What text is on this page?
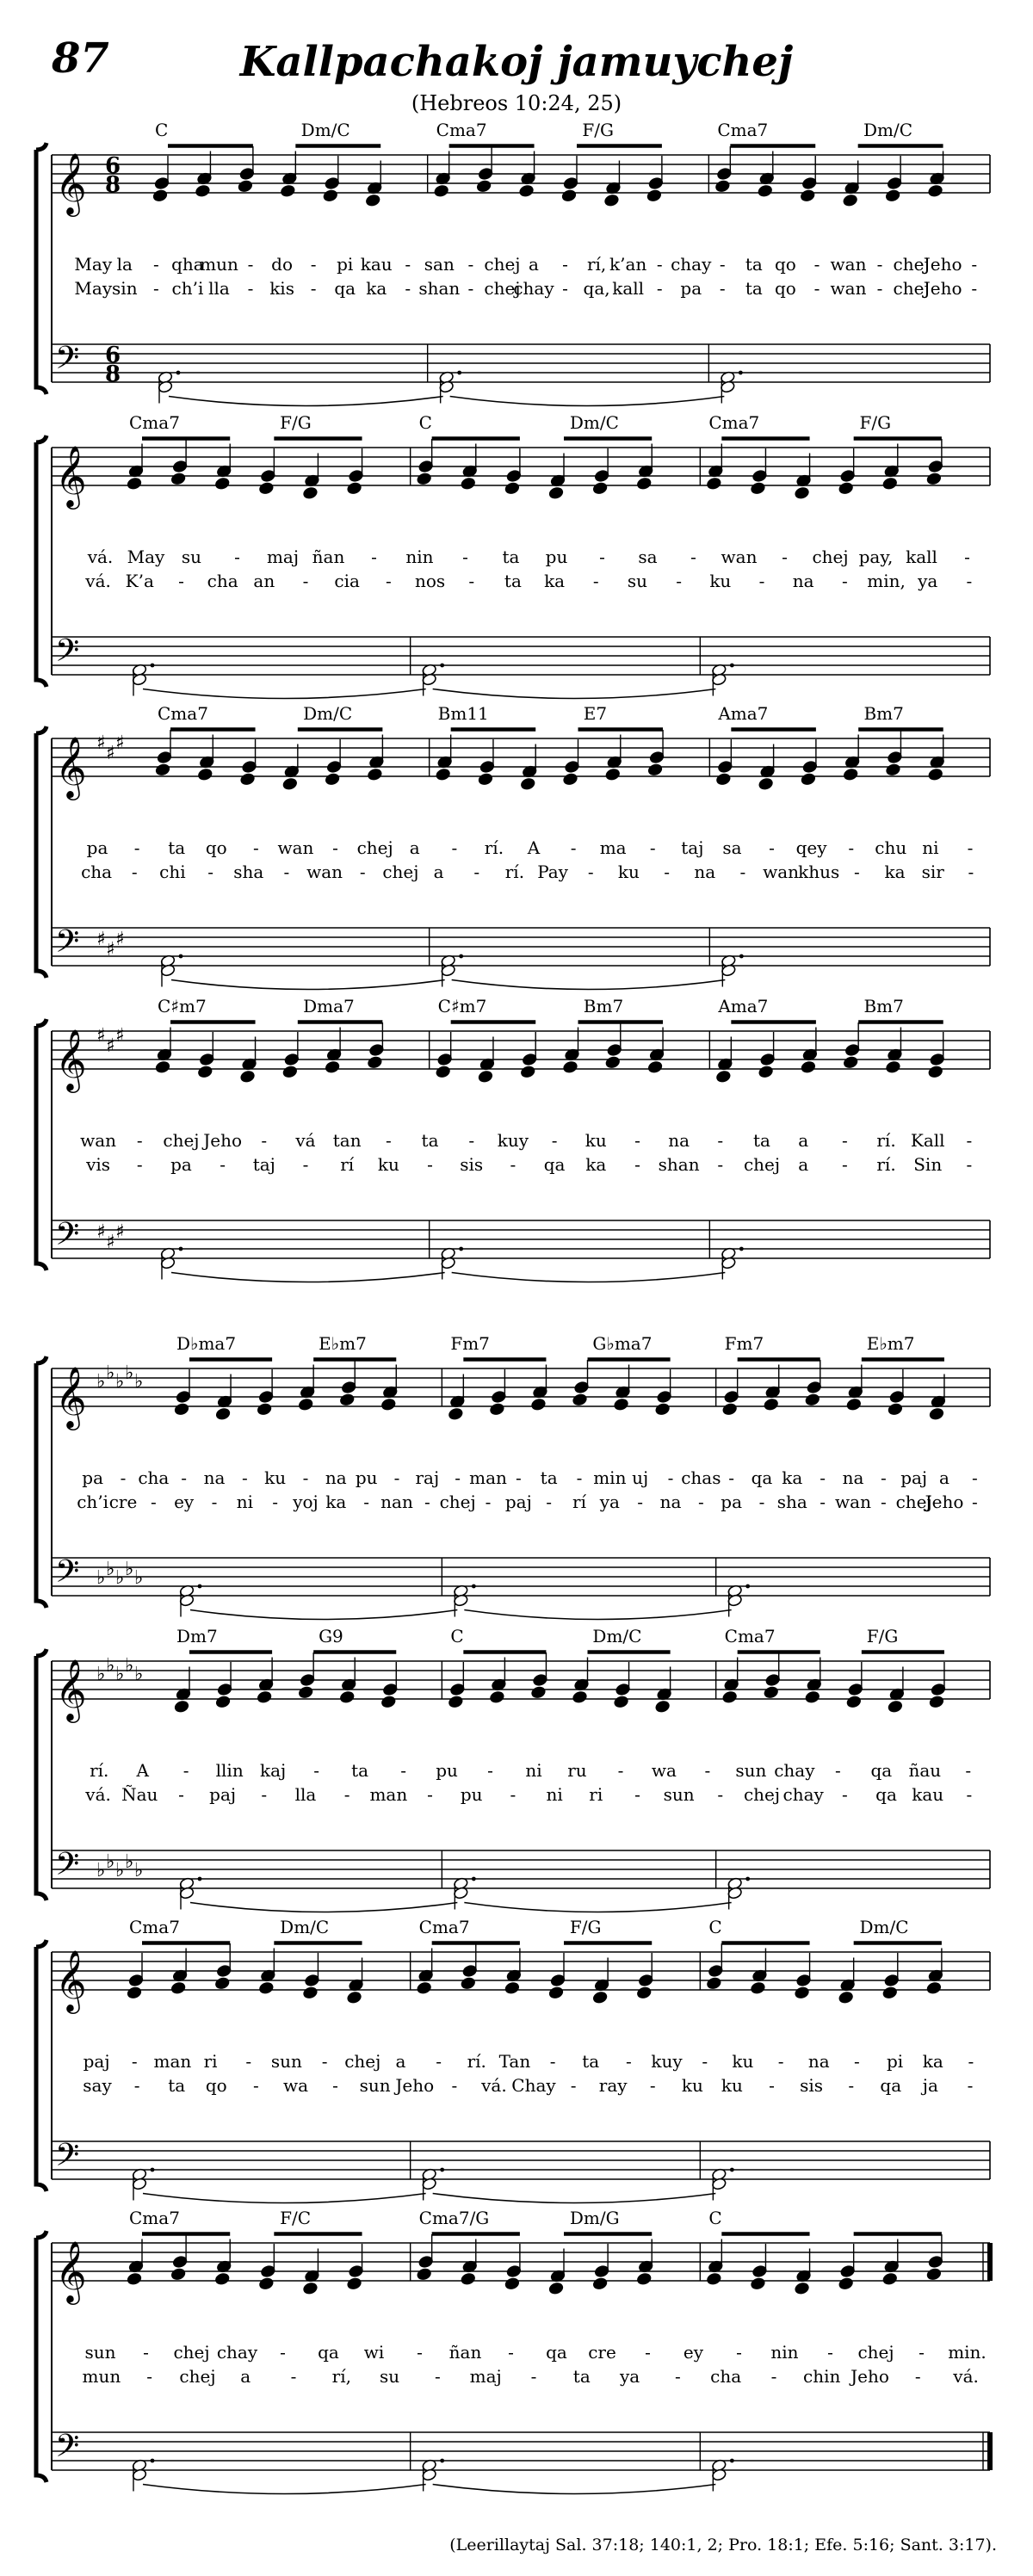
87	Kallpachakoj jamuychej
(Hebreos 10:24, 25)
𝄞
𝄢
6
8
6
8
C	Dm/C	Cma7	F/G	Cma7	Dm/C
May la - qha
mun - do - pi kau - san - chej a - rí, k’an - chay - ta qo - wan - chej
Jeho -
May sin - ch’i lla - kis - qa ka - shan - chej
chay - qa, kall - pa - ta qo - wan - chej
Jeho -
𝄞
𝄢
Cma7	F/G	C	Dm/C	Cma7	F/G
vá. May su - maj ñan - nin - ta pu - sa - wan - chej pay, kall -
vá. K’a - cha an - cia - nos - ta ka - su - ku - na - min, ya -
𝄞
𝄢
♯ ♯ ♯
♯ ♯ ♯
Cma7	Dm/C	Bm11	E7	Ama7	Bm7
pa - ta qo - wan - chej a - rí. A - ma - taj sa - qey - chu ni -
cha - chi - sha - wan - chej a - rí. Pay - ku - na - wan khus - ka sir -
𝄞
𝄢
♯ ♯ ♯
♯ ♯ ♯
C♯m7	Dma7	C♯m7	Bm7	Ama7	Bm7
wan - chej Jeho - vá tan - ta - kuy - ku - na - ta a - rí. Kall -
vis - pa - taj - rí ku - sis - qa ka - shan - chej a - rí. Sin -
𝄞
𝄢
♭ ♭ ♭ ♭ ♭
♭ ♭ ♭ ♭ ♭
D♭ma7	E♭m7	Fm7	G♭ma7	Fm7	E♭m7
pa - cha - na - ku - na pu - raj - man - ta - min uj - chas - qa ka - na - paj a -
ch’i cre - ey - ni - yoj ka - nan - chej - paj - rí ya - na - pa - sha - wan - chej
Jeho -
𝄞
𝄢
♭ ♭ ♭ ♭ ♭
♭ ♭ ♭ ♭ ♭
Dm7	G9	C	Dm/C	Cma7	F/G
rí. A - llin kaj - ta - pu - ni ru - wa - sun chay - qa ñau -
vá. Ñau - paj - lla - man - pu - ni ri - sun - chej chay - qa kau -
𝄞
𝄢
Cma7	Dm/C	Cma7	F/G	C	Dm/C
paj - man ri - sun - chej a - rí. Tan - ta - kuy - ku - na - pi ka -
say - ta qo - wa - sun Jeho - vá. Chay - ray - ku ku - sis - qa ja -
𝄞
𝄢
Cma7	F/C	Cma7/G	Dm/G	C
sun - chej chay - qa wi - ñan - qa cre - ey - nin - chej - min.
mun - chej a - rí, su - maj - ta ya - cha - chin Jeho - vá.
(Leerillaytaj Sal. 37:18; 140:1, 2; Pro. 18:1; Efe. 5:16; Sant. 3:17).
